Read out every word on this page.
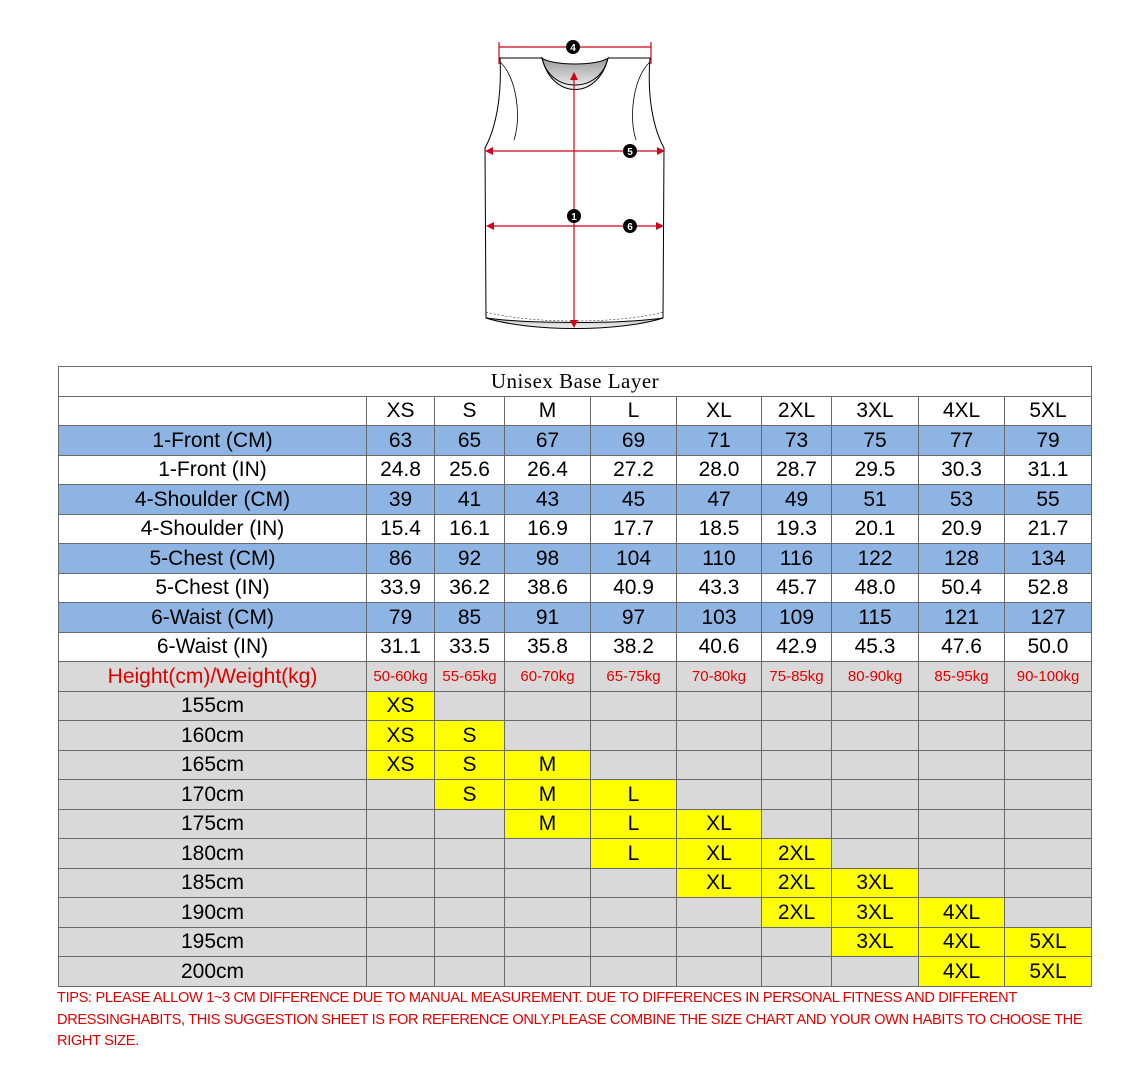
4
5
1
6
Unisex Base Layer									
	XS	S	M	L	XL	2XL	3XL	4XL	5XL
1-Front (CM)	63	65	67	69	71	73	75	77	79
1-Front (IN)	24.8	25.6	26.4	27.2	28.0	28.7	29.5	30.3	31.1
4-Shoulder (CM)	39	41	43	45	47	49	51	53	55
4-Shoulder (IN)	15.4	16.1	16.9	17.7	18.5	19.3	20.1	20.9	21.7
5-Chest (CM)	86	92	98	104	110	116	122	128	134
5-Chest (IN)	33.9	36.2	38.6	40.9	43.3	45.7	48.0	50.4	52.8
6-Waist (CM)	79	85	91	97	103	109	115	121	127
6-Waist (IN)	31.1	33.5	35.8	38.2	40.6	42.9	45.3	47.6	50.0
Height(cm)/Weight(kg)	50-60kg	55-65kg	60-70kg	65-75kg	70-80kg	75-85kg	80-90kg	85-95kg	90-100kg
155cm	XS								
160cm	XS	S							
165cm	XS	S	M						
170cm		S	M	L					
175cm			M	L	XL				
180cm				L	XL	2XL			
185cm					XL	2XL	3XL		
190cm						2XL	3XL	4XL	
195cm							3XL	4XL	5XL
200cm								4XL	5XL

TIPS: PLEASE ALLOW 1~3 CM DIFFERENCE DUE TO MANUAL MEASUREMENT. DUE TO DIFFERENCES IN PERSONAL FITNESS AND DIFFERENT DRESSINGHABITS, THIS SUGGESTION SHEET IS FOR REFERENCE ONLY.PLEASE COMBINE THE SIZE CHART AND YOUR OWN HABITS TO CHOOSE THE RIGHT SIZE.
